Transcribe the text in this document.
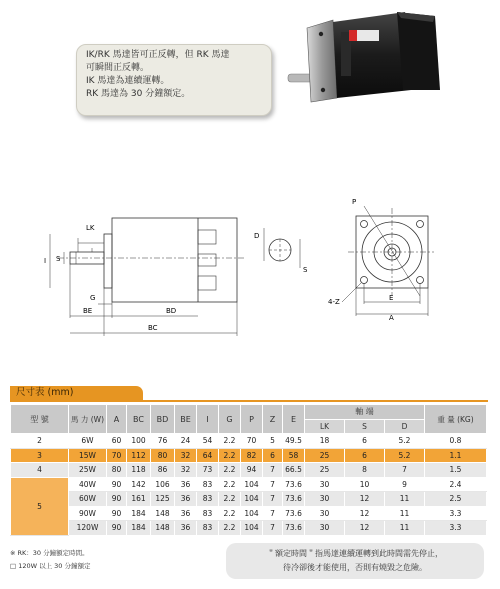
IK/RK 馬達皆可正反轉，但 RK 馬達
可瞬間正反轉。
IK 馬達為連續運轉。
RK 馬達為 30 分鐘額定。
LK
S
I
G
BE	BD
BC
D
S
P
4-Z	E
A
尺寸表 (mm)
型 號	馬 力 (W)	A	BC	BD	BE	I	G	P	Z	E	軸 端			重 量 (KG)
											LK	S	D	
2	6W	60	100	76	24	54	2.2	70	5	49.5	18	6	5.2	0.8
3	15W	70	112	80	32	64	2.2	82	6	58	25	6	5.2	1.1
4	25W	80	118	86	32	73	2.2	94	7	66.5	25	8	7	1.5
5	40W	90	142	106	36	83	2.2	104	7	73.6	30	10	9	2.4
	60W	90	161	125	36	83	2.2	104	7	73.6	30	12	11	2.5
	90W	90	184	148	36	83	2.2	104	7	73.6	30	12	11	3.3
	120W	90	184	148	36	83	2.2	104	7	73.6	30	12	11	3.3
※ RK：30 分鐘額定時間。
□ 120W 以上 30 分鐘額定
＂額定時間＂指馬達連續運轉到此時間需先停止，
待冷卻後才能使用，否則有燒毀之危險。
